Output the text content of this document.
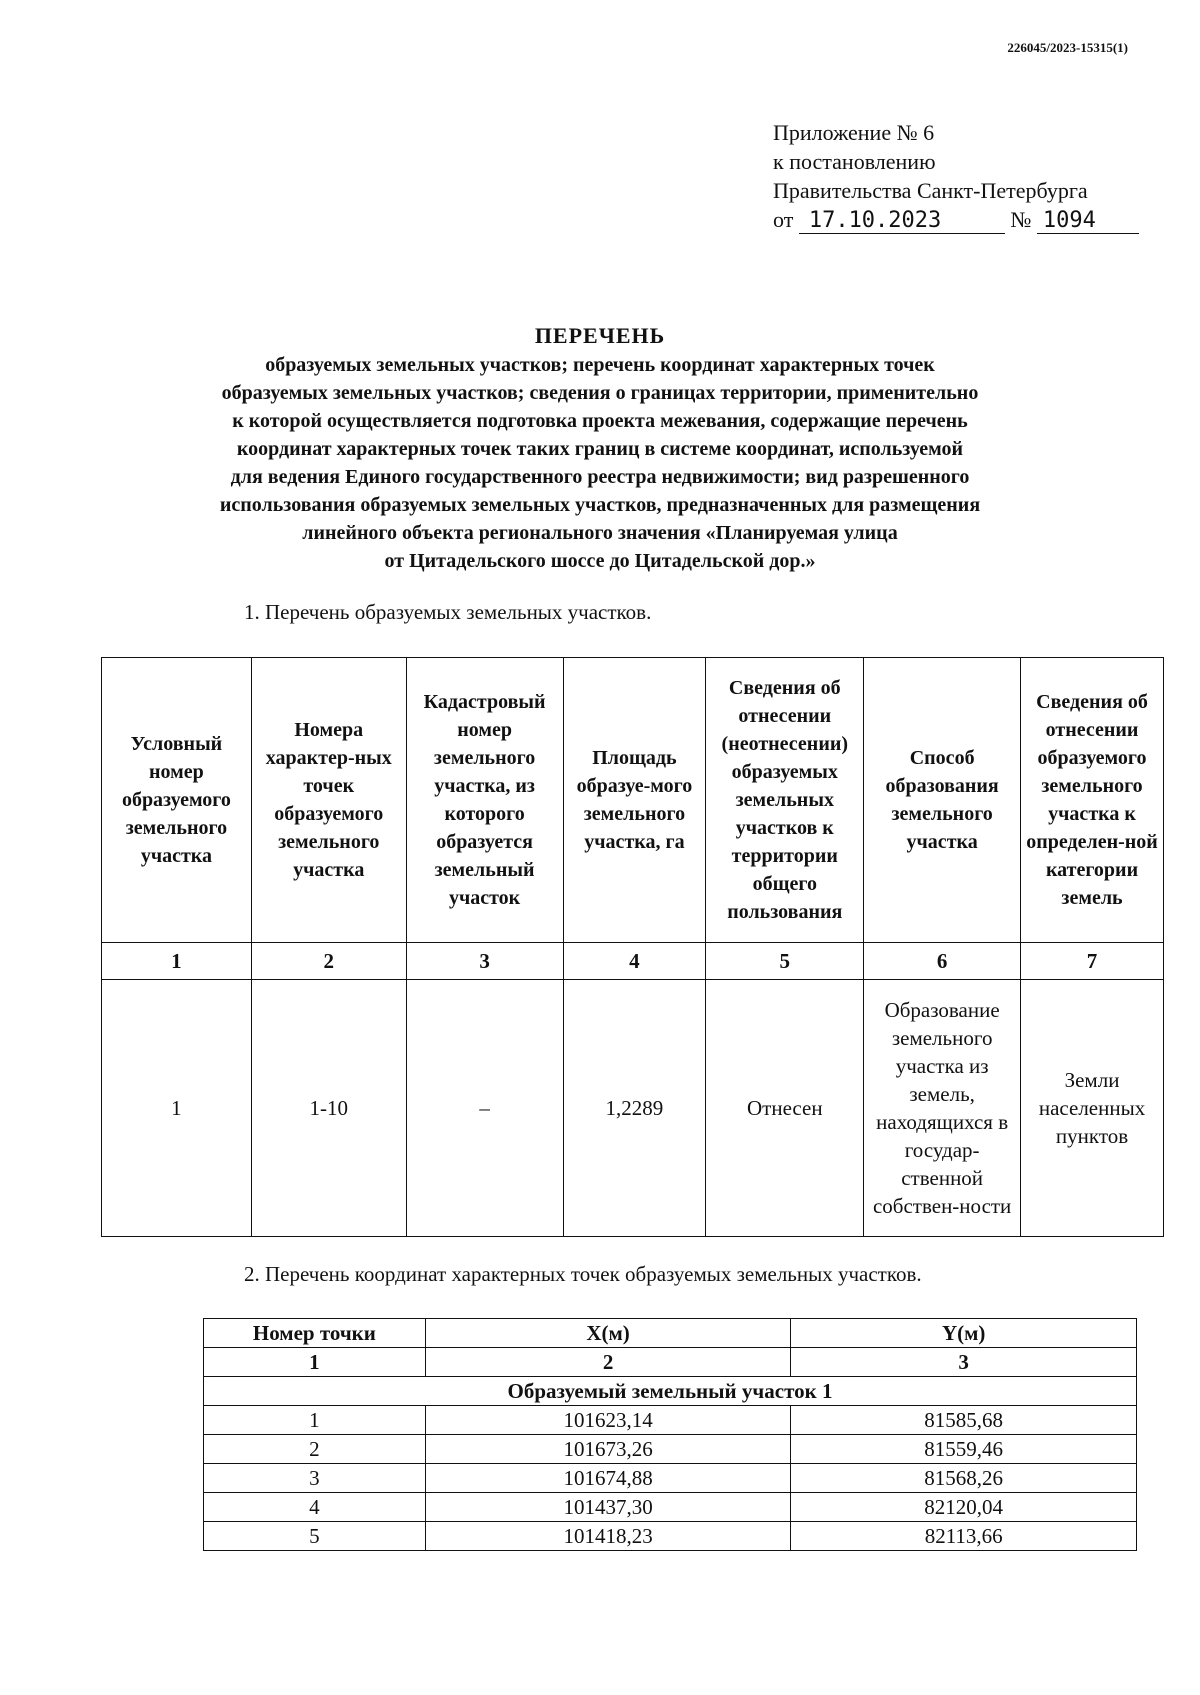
226045/2023-15315(1)
Приложение № 6
к постановлению
Правительства Санкт-Петербурга
от 17.10.2023	№ 1094
ПЕРЕЧЕНЬ
образуемых земельных участков; перечень координат характерных точек
образуемых земельных участков; сведения о границах территории, применительно
к которой осуществляется подготовка проекта межевания, содержащие перечень
координат характерных точек таких границ в системе координат, используемой
для ведения Единого государственного реестра недвижимости; вид разрешенного
использования образуемых земельных участков, предназначенных для размещения
линейного объекта регионального значения «Планируемая улица
от Цитадельского шоссе до Цитадельской дор.»
1. Перечень образуемых земельных участков.
Условный номер образуемого земельного участка	Номера характер-ных точек образуемого земельного участка	Кадастровый номер земельного участка, из которого образуется земельный участок	Площадь образуе-мого земельного участка, га	Сведения об отнесении (неотнесении) образуемых земельных участков к территории общего пользования	Способ образования земельного участка	Сведения об отнесении образуемого земельного участка к определен-ной категории земель
1	2	3	4	5	6	7
1	1-10	–	1,2289	Отнесен	Образование земельного участка из земель, находящихся в государ-ственной собствен-ности	Земли населенных пунктов
2. Перечень координат характерных точек образуемых земельных участков.
Номер точки	X(м)	Y(м)
1	2	3
Образуемый земельный участок 1		
1	101623,14	81585,68
2	101673,26	81559,46
3	101674,88	81568,26
4	101437,30	82120,04
5	101418,23	82113,66
